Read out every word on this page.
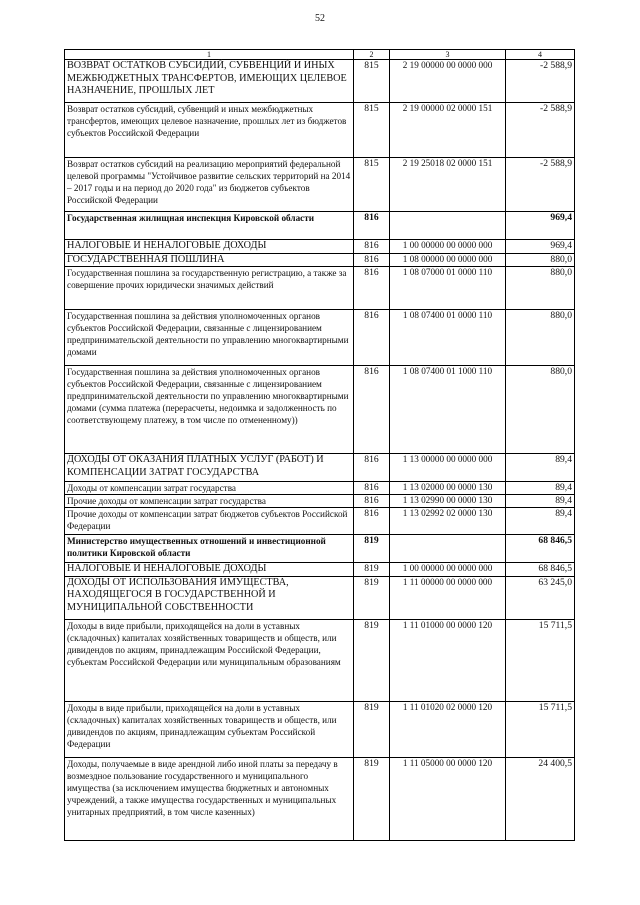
52
1	2	3	4
ВОЗВРАТ ОСТАТКОВ СУБСИДИЙ, СУБВЕНЦИЙ И ИНЫХ МЕЖБЮДЖЕТНЫХ ТРАНСФЕРТОВ, ИМЕЮЩИХ ЦЕЛЕВОЕ НАЗНАЧЕНИЕ, ПРОШЛЫХ ЛЕТ	815	2 19 00000 00 0000 000	-2 588,9
Возврат остатков субсидий, субвенций и иных межбюджетных трансфертов, имеющих целевое назначение, прошлых лет из бюджетов субъектов Российской Федерации	815	2 19 00000 02 0000 151	-2 588,9
Возврат остатков субсидий на реализацию мероприятий федеральной целевой программы "Устойчивое развитие сельских территорий на 2014 – 2017 годы и на период до 2020 года" из бюджетов субъектов Российской Федерации	815	2 19 25018 02 0000 151	-2 588,9
Государственная жилищная инспекция Кировской области	816		969,4
НАЛОГОВЫЕ И НЕНАЛОГОВЫЕ ДОХОДЫ	816	1 00 00000 00 0000 000	969,4
ГОСУДАРСТВЕННАЯ ПОШЛИНА	816	1 08 00000 00 0000 000	880,0
Государственная пошлина за государственную регистрацию, а также за совершение прочих юридически значимых действий	816	1 08 07000 01 0000 110	880,0
Государственная пошлина за действия уполномоченных органов субъектов Российской Федерации, связанные с лицензированием предпринимательской деятельности по управлению многоквартирными домами	816	1 08 07400 01 0000 110	880,0
Государственная пошлина за действия уполномоченных органов субъектов Российской Федерации, связанные с лицензированием предпринимательской деятельности по управлению многоквартирными домами (сумма платежа (перерасчеты, недоимка и задолженность по соответствующему платежу, в том числе по отмененному))	816	1 08 07400 01 1000 110	880,0
ДОХОДЫ ОТ ОКАЗАНИЯ ПЛАТНЫХ УСЛУГ (РАБОТ) И КОМПЕНСАЦИИ ЗАТРАТ ГОСУДАРСТВА	816	1 13 00000 00 0000 000	89,4
Доходы от компенсации затрат государства	816	1 13 02000 00 0000 130	89,4
Прочие доходы от компенсации затрат государства	816	1 13 02990 00 0000 130	89,4
Прочие доходы от компенсации затрат бюджетов субъектов Российской Федерации	816	1 13 02992 02 0000 130	89,4
Министерство имущественных отношений и инвестиционной политики Кировской области	819		68 846,5
НАЛОГОВЫЕ И НЕНАЛОГОВЫЕ ДОХОДЫ	819	1 00 00000 00 0000 000	68 846,5
ДОХОДЫ ОТ ИСПОЛЬЗОВАНИЯ ИМУЩЕСТВА, НАХОДЯЩЕГОСЯ В ГОСУДАРСТВЕННОЙ И МУНИЦИПАЛЬНОЙ СОБСТВЕННОСТИ	819	1 11 00000 00 0000 000	63 245,0
Доходы в виде прибыли, приходящейся на доли в уставных (складочных) капиталах хозяйственных товариществ и обществ, или дивидендов по акциям, принадлежащим Российской Федерации, субъектам Российской Федерации или муниципальным образованиям	819	1 11 01000 00 0000 120	15 711,5
Доходы в виде прибыли, приходящейся на доли в уставных (складочных) капиталах хозяйственных товариществ и обществ, или дивидендов по акциям, принадлежащим субъектам Российской Федерации	819	1 11 01020 02 0000 120	15 711,5
Доходы, получаемые в виде арендной либо иной платы за передачу в возмездное пользование государственного и муниципального имущества (за исключением имущества бюджетных и автономных учреждений, а также имущества государственных и муниципальных унитарных предприятий, в том числе казенных)	819	1 11 05000 00 0000 120	24 400,5
